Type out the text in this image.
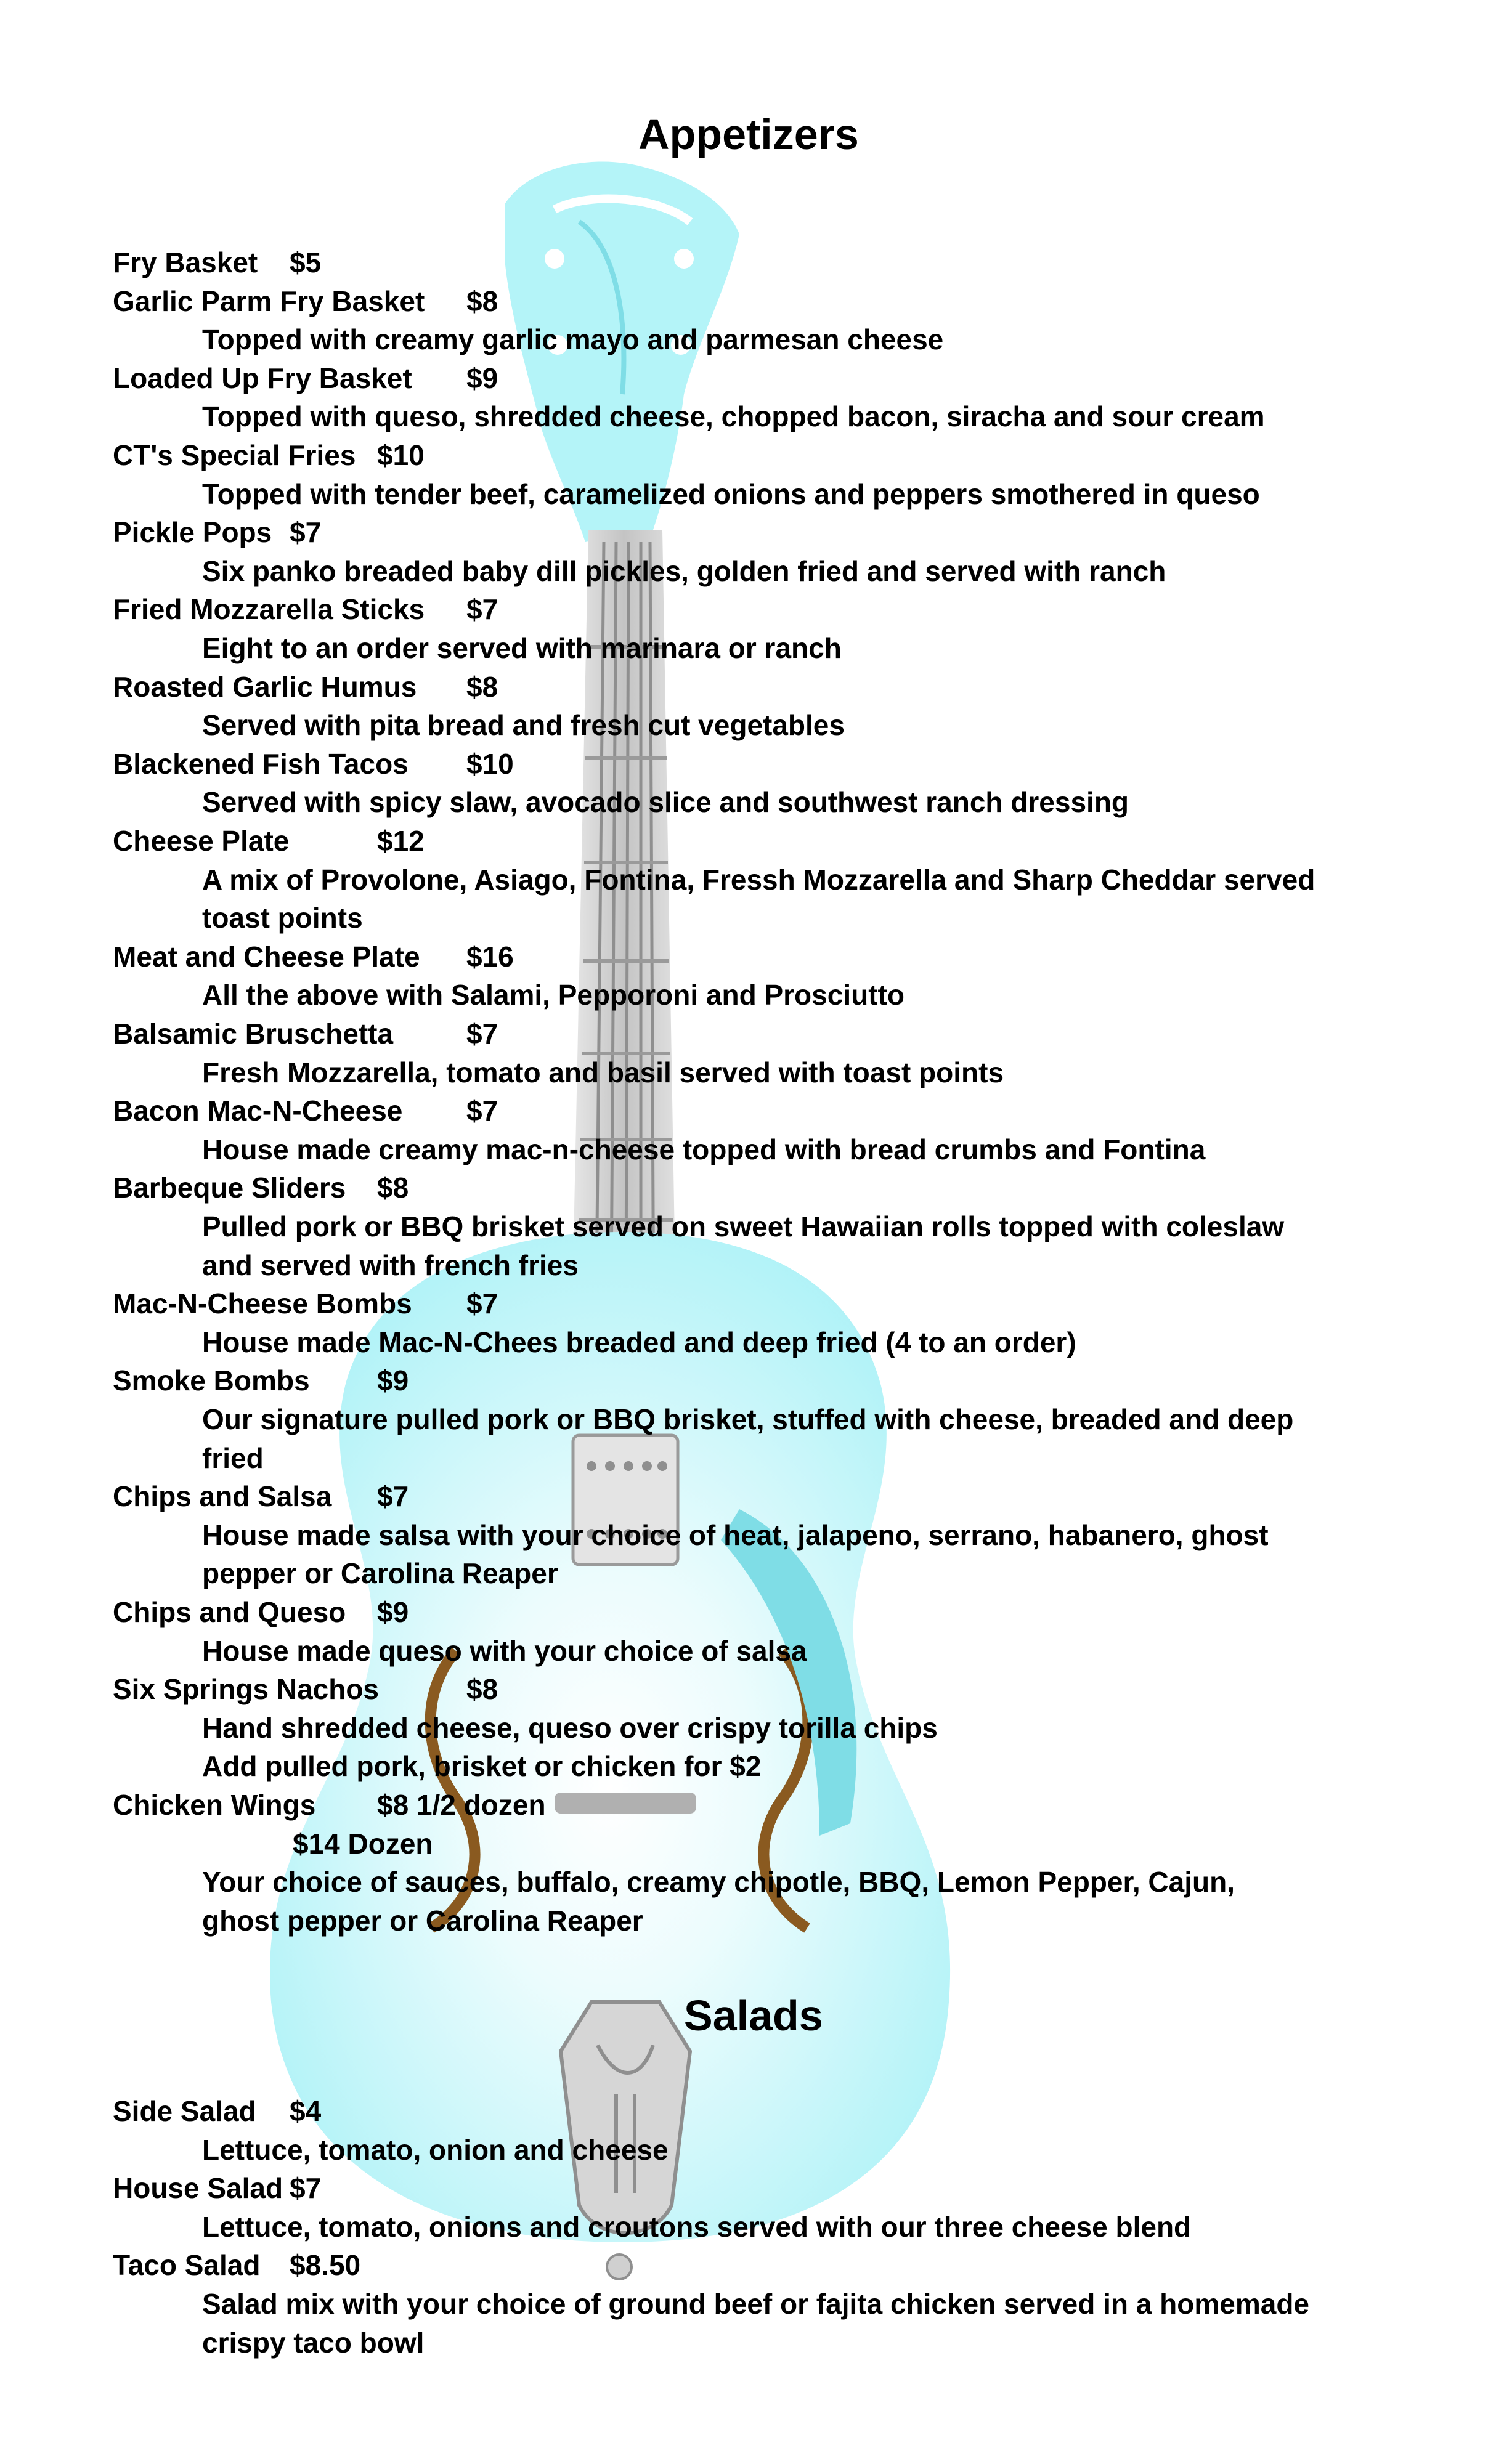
Appetizers
Fry Basket $5
Garlic Parm Fry Basket $8
Topped with creamy garlic mayo and parmesan cheese
Loaded Up Fry Basket $9
Topped with queso, shredded cheese, chopped bacon, siracha and sour cream
CT's Special Fries $10
Topped with tender beef, caramelized onions and peppers smothered in queso
Pickle Pops $7
Six panko breaded baby dill pickles, golden fried and served with ranch
Fried Mozzarella Sticks $7
Eight to an order served with marinara or ranch
Roasted Garlic Humus $8
Served with pita bread and fresh cut vegetables
Blackened Fish Tacos $10
Served with spicy slaw, avocado slice and southwest ranch dressing
Cheese Plate	$12
A mix of Provolone, Asiago, Fontina, Fressh Mozzarella and Sharp Cheddar served
toast points
Meat and Cheese Plate $16
All the above with Salami, Pepporoni and Prosciutto
Balsamic Bruschetta	$7
Fresh Mozzarella, tomato and basil served with toast points
Bacon Mac-N-Cheese $7
House made creamy mac-n-cheese topped with bread crumbs and Fontina
Barbeque Sliders $8
Pulled pork or BBQ brisket served on sweet Hawaiian rolls topped with coleslaw
and served with french fries
Mac-N-Cheese Bombs $7
House made Mac-N-Chees breaded and deep fried (4 to an order)
Smoke Bombs $9
Our signature pulled pork or BBQ brisket, stuffed with cheese, breaded and deep
fried
Chips and Salsa $7
House made salsa with your choice of heat, jalapeno, serrano, habanero, ghost
pepper or Carolina Reaper
Chips and Queso $9
House made queso with your choice of salsa
Six Springs Nachos	$8
Hand shredded cheese, queso over crispy torilla chips
Add pulled pork, brisket or chicken for $2
Chicken Wings $8 1/2 dozen
$14 Dozen
Your choice of sauces, buffalo, creamy chipotle, BBQ, Lemon Pepper, Cajun,
ghost pepper or Carolina Reaper
Salads
Side Salad $4
Lettuce, tomato, onion and cheese
House Salad $7
Lettuce, tomato, onions and croutons served with our three cheese blend
Taco Salad $8.50
Salad mix with your choice of ground beef or fajita chicken served in a homemade
crispy taco bowl
